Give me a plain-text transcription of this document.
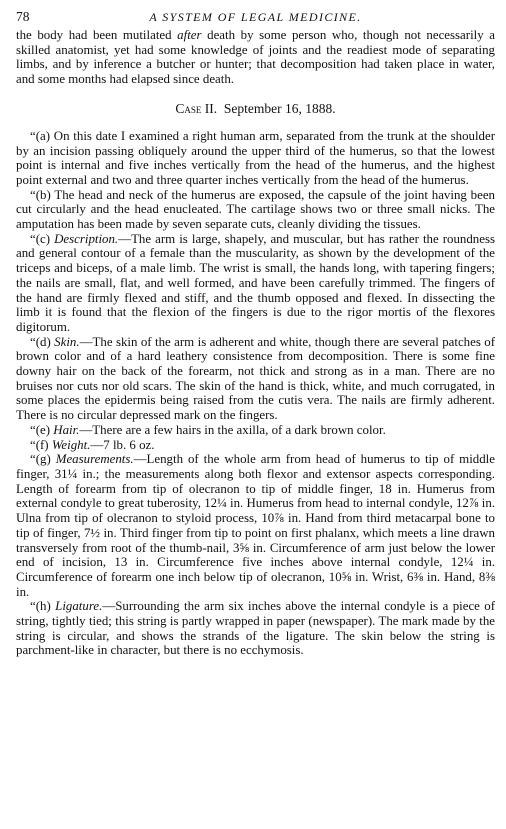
78	A SYSTEM OF LEGAL MEDICINE.

the body had been mutilated after death by some person who, though not necessarily a skilled anatomist, yet had some knowledge of joints and the readiest mode of separating limbs, and by inference a butcher or hunter; that decomposition had taken place in water, and some months had elapsed since death.

Case II. September 16, 1888.

“(a) On this date I examined a right human arm, separated from the trunk at the shoulder by an incision passing obliquely around the upper third of the humerus, so that the lowest point is internal and five inches vertically from the head of the humerus, and the highest point external and two and three quarter inches vertically from the head of the humerus.

“(b) The head and neck of the humerus are exposed, the capsule of the joint having been cut circularly and the head enucleated. The cartilage shows two or three small nicks. The amputation has been made by seven separate cuts, cleanly dividing the tissues.

“(c) Description.—The arm is large, shapely, and muscular, but has rather the roundness and general contour of a female than the muscularity, as shown by the development of the triceps and biceps, of a male limb. The wrist is small, the hands long, with tapering fingers; the nails are small, flat, and well formed, and have been carefully trimmed. The fingers of the hand are firmly flexed and stiff, and the thumb opposed and flexed. In dissecting the limb it is found that the flexion of the fingers is due to the rigor mortis of the flexores digitorum.

“(d) Skin.—The skin of the arm is adherent and white, though there are several patches of brown color and of a hard leathery consistence from decomposition. There is some fine downy hair on the back of the forearm, not thick and strong as in a man. There are no bruises nor cuts nor old scars. The skin of the hand is thick, white, and much corrugated, in some places the epidermis being raised from the cutis vera. The nails are firmly adherent. There is no circular depressed mark on the fingers.

“(e) Hair.—There are a few hairs in the axilla, of a dark brown color.

“(f) Weight.—7 lb. 6 oz.

“(g) Measurements.—Length of the whole arm from head of humerus to tip of middle finger, 31¼ in.; the measurements along both flexor and extensor aspects corresponding. Length of forearm from tip of olecranon to tip of middle finger, 18 in. Humerus from external condyle to great tuberosity, 12¼ in. Humerus from head to internal condyle, 12⅞ in. Ulna from tip of olecranon to styloid process, 10⅞ in. Hand from third metacarpal bone to tip of finger, 7½ in. Third finger from tip to point on first phalanx, which meets a line drawn transversely from root of the thumb-nail, 3⅝ in. Circumference of arm just below the lower end of incision, 13 in. Circumference five inches above internal condyle, 12¼ in. Circumference of forearm one inch below tip of olecranon, 10⅝ in. Wrist, 6⅜ in. Hand, 8⅜ in.

“(h) Ligature.—Surrounding the arm six inches above the internal condyle is a piece of string, tightly tied; this string is partly wrapped in paper (newspaper). The mark made by the string is circular, and shows the strands of the ligature. The skin below the string is parchment-like in character, but there is no ecchymosis.
